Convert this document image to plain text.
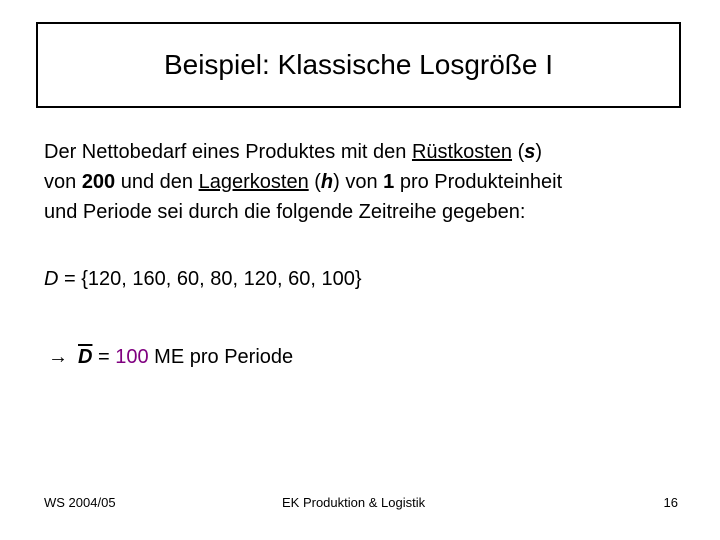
Beispiel: Klassische Losgröße I
Der Nettobedarf eines Produktes mit den Rüstkosten (s)
von 200 und den Lagerkosten (h) von 1 pro Produkteinheit
und Periode sei durch die folgende Zeitreihe gegeben:
D = {120, 160, 60, 80, 120, 60, 100}
→ $\overline{D} = 100$ ME pro Periode
WS 2004/05	EK Produktion & Logistik	16
